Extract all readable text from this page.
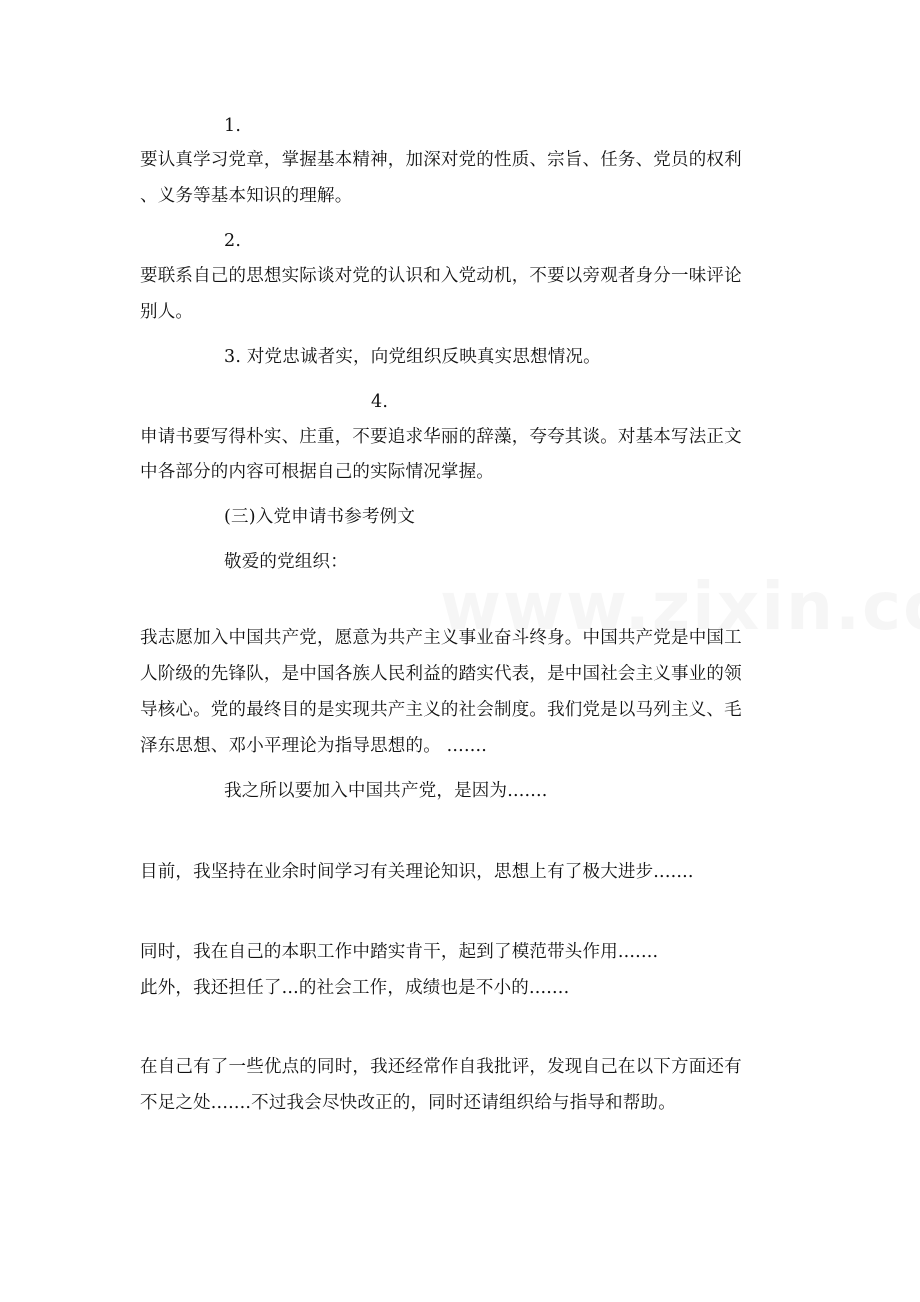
1.
要认真学习党章，掌握基本精神，加深对党的性质、宗旨、任务、党员的权利
、义务等基本知识的理解。
2.
要联系自己的思想实际谈对党的认识和入党动机，不要以旁观者身分一味评论
别人。
3. 对党忠诚者实，向党组织反映真实思想情况。
4.
申请书要写得朴实、庄重，不要追求华丽的辞藻，夸夸其谈。对基本写法正文
中各部分的内容可根据自己的实际情况掌握。
(三)入党申请书参考例文
敬爱的党组织：
我志愿加入中国共产党，愿意为共产主义事业奋斗终身。中国共产党是中国工
人阶级的先锋队，是中国各族人民利益的踏实代表，是中国社会主义事业的领
导核心。党的最终目的是实现共产主义的社会制度。我们党是以马列主义、毛
泽东思想、邓小平理论为指导思想的。 .......
我之所以要加入中国共产党，是因为.......
目前，我坚持在业余时间学习有关理论知识，思想上有了极大进步.......
同时，我在自己的本职工作中踏实肯干，起到了模范带头作用.......
此外，我还担任了...的社会工作，成绩也是不小的.......
在自己有了一些优点的同时，我还经常作自我批评，发现自己在以下方面还有
不足之处.......不过我会尽快改正的，同时还请组织给与指导和帮助。
